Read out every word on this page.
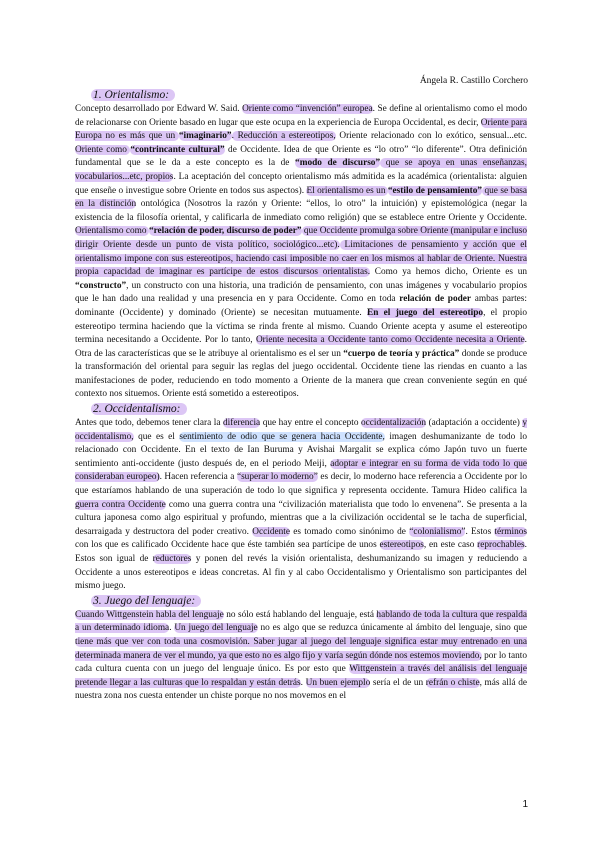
Ángela R. Castillo Corchero
1. Orientalismo:

Concepto desarrollado por Edward W. Said. Oriente como “invención” europea. Se define al orientalismo como el modo de relacionarse con Oriente basado en lugar que este ocupa en la experiencia de Europa Occidental, es decir, Oriente para Europa no es más que un “imaginario”. Reducción a estereotipos, Oriente relacionado con lo exótico, sensual...etc. Oriente como “contrincante cultural” de Occidente. Idea de que Oriente es “lo otro” “lo diferente”. Otra definición fundamental que se le da a este concepto es la de “modo de discurso” que se apoya en unas enseñanzas, vocabularios...etc, propios. La aceptación del concepto orientalismo más admitida es la académica (orientalista: alguien que enseñe o investigue sobre Oriente en todos sus aspectos). El orientalismo es un “estilo de pensamiento” que se basa en la distinción ontológica (Nosotros la razón y Oriente: “ellos, lo otro” la intuición) y epistemológica (negar la existencia de la filosofía oriental, y calificarla de inmediato como religión) que se establece entre Oriente y Occidente. Orientalismo como “relación de poder, discurso de poder” que Occidente promulga sobre Oriente (manipular e incluso dirigir Oriente desde un punto de vista político, sociológico...etc). Limitaciones de pensamiento y acción que el orientalismo impone con sus estereotipos, haciendo casi imposible no caer en los mismos al hablar de Oriente. Nuestra propia capacidad de imaginar es partícipe de estos discursos orientalistas. Como ya hemos dicho, Oriente es un “constructo”, un constructo con una historia, una tradición de pensamiento, con unas imágenes y vocabulario propios que le han dado una realidad y una presencia en y para Occidente. Como en toda relación de poder ambas partes: dominante (Occidente) y dominado (Oriente) se necesitan mutuamente. En el juego del estereotipo, el propio estereotipo termina haciendo que la víctima se rinda frente al mismo. Cuando Oriente acepta y asume el estereotipo termina necesitando a Occidente. Por lo tanto, Oriente necesita a Occidente tanto como Occidente necesita a Oriente. Otra de las características que se le atribuye al orientalismo es el ser un “cuerpo de teoría y práctica” donde se produce la transformación del oriental para seguir las reglas del juego occidental. Occidente tiene las riendas en cuanto a las manifestaciones de poder, reduciendo en todo momento a Oriente de la manera que crean conveniente según en qué contexto nos situemos. Oriente está sometido a estereotipos.

2. Occidentalismo:

Antes que todo, debemos tener clara la diferencia que hay entre el concepto occidentalización (adaptación a occidente) y occidentalismo, que es el sentimiento de odio que se genera hacia Occidente, imagen deshumanizante de todo lo relacionado con Occidente. En el texto de Ian Buruma y Avishai Margalit se explica cómo Japón tuvo un fuerte sentimiento anti-occidente (justo después de, en el periodo Meiji, adoptar e integrar en su forma de vida todo lo que consideraban europeo). Hacen referencia a “superar lo moderno” es decir, lo moderno hace referencia a Occidente por lo que estaríamos hablando de una superación de todo lo que significa y representa occidente. Tamura Hideo califica la guerra contra Occidente como una guerra contra una “civilización materialista que todo lo envenena”. Se presenta a la cultura japonesa como algo espiritual y profundo, mientras que a la civilización occidental se le tacha de superficial, desarraigada y destructora del poder creativo. Occidente es tomado como sinónimo de “colonialismo”. Estos términos con los que es calificado Occidente hace que éste también sea partícipe de unos estereotipos, en este caso reprochables. Estos son igual de reductores y ponen del revés la visión orientalista, deshumanizando su imagen y reduciendo a Occidente a unos estereotipos e ideas concretas. Al fin y al cabo Occidentalismo y Orientalismo son participantes del mismo juego.

3. Juego del lenguaje:

Cuando Wittgenstein habla del lenguaje no sólo está hablando del lenguaje, está hablando de toda la cultura que respalda a un determinado idioma. Un juego del lenguaje no es algo que se reduzca únicamente al ámbito del lenguaje, sino que tiene más que ver con toda una cosmovisión. Saber jugar al juego del lenguaje significa estar muy entrenado en una determinada manera de ver el mundo, ya que esto no es algo fijo y varía según dónde nos estemos moviendo, por lo tanto cada cultura cuenta con un juego del lenguaje único. Es por esto que Wittgenstein a través del análisis del lenguaje pretende llegar a las culturas que lo respaldan y están detrás. Un buen ejemplo sería el de un refrán o chiste, más allá de nuestra zona nos cuesta entender un chiste porque no nos movemos en el

1
